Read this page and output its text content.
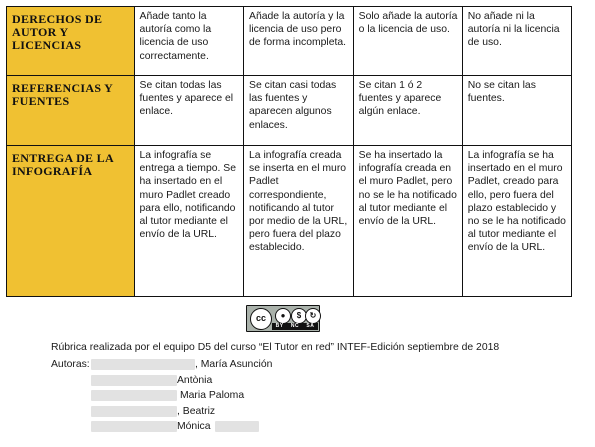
DERECHOS DE AUTOR Y LICENCIAS	Añade tanto la autoría como la licencia de uso correctamente.	Añade la autoría y la licencia de uso pero de forma incompleta.	Solo añade la autoría o la licencia de uso.	No añade ni la autoría ni la licencia de uso.
REFERENCIAS Y FUENTES	Se citan todas las fuentes y aparece el enlace.	Se citan casi todas las fuentes y aparecen algunos enlaces.	Se citan 1 ó 2 fuentes y aparece algún enlace.	No se citan las fuentes.
ENTREGA DE LA INFOGRAFÍA	La infografía se entrega a tiempo. Se ha insertado en el muro Padlet creado para ello, notificando al tutor mediante el envío de la URL.	La infografía creada se inserta en el muro Padlet correspondiente, notificando al tutor por medio de la URL, pero fuera del plazo establecido.	Se ha insertado la infografía creada en el muro Padlet, pero no se le ha notificado al tutor mediante el envío de la URL.	La infografía se ha insertado en el muro Padlet, creado para ello, pero fuera del plazo establecido y no se le ha notificado al tutor mediante el envío de la URL.
cc	●	$	↻
BY NC SA
Rúbrica realizada por el equipo D5 del curso “El Tutor en red” INTEF-Edición septiembre de 2018
Autoras:	, María Asunción
Antònia
Maria Paloma
, Beatriz
Mónica
